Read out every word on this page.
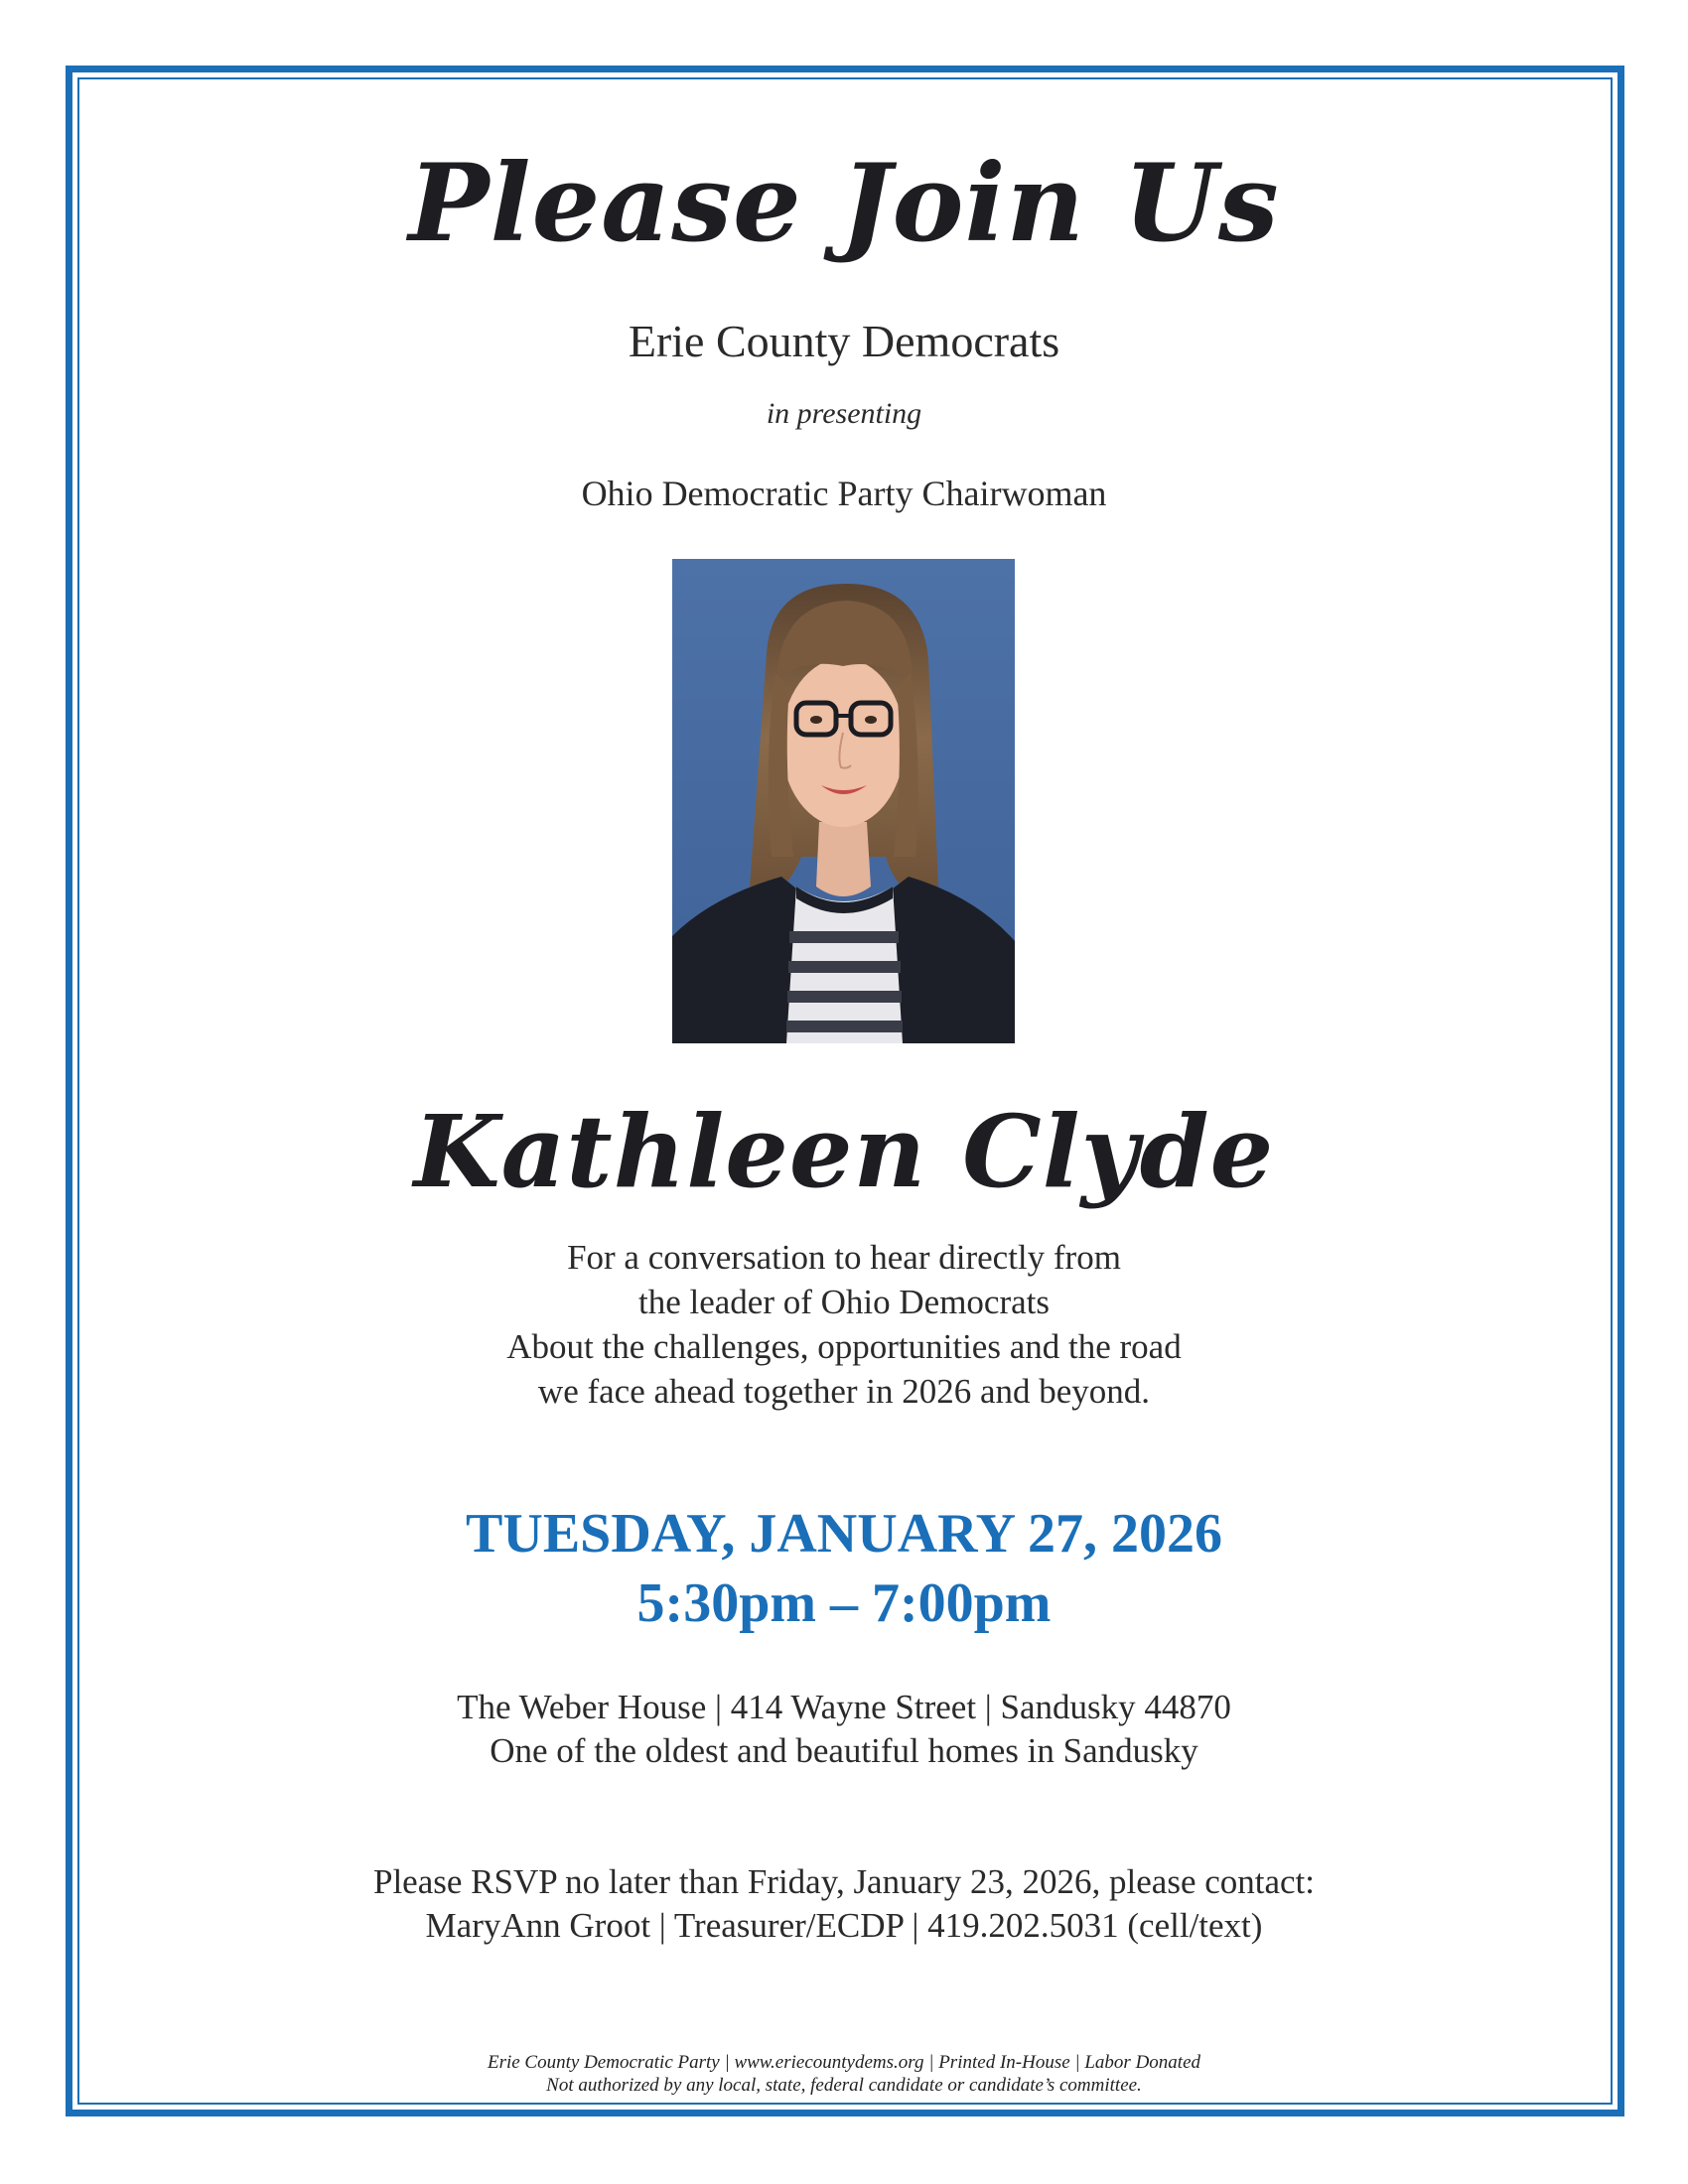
Please Join Us
Erie County Democrats
in presenting
Ohio Democratic Party Chairwoman
Kathleen Clyde
For a conversation to hear directly from
the leader of Ohio Democrats
About the challenges, opportunities and the road
we face ahead together in 2026 and beyond.
TUESDAY, JANUARY 27, 2026
5:30pm – 7:00pm
The Weber House | 414 Wayne Street | Sandusky 44870
One of the oldest and beautiful homes in Sandusky
Please RSVP no later than Friday, January 23, 2026, please contact:
MaryAnn Groot | Treasurer/ECDP | 419.202.5031 (cell/text)
Erie County Democratic Party | www.eriecountydems.org | Printed In-House | Labor Donated
Not authorized by any local, state, federal candidate or candidate’s committee.
